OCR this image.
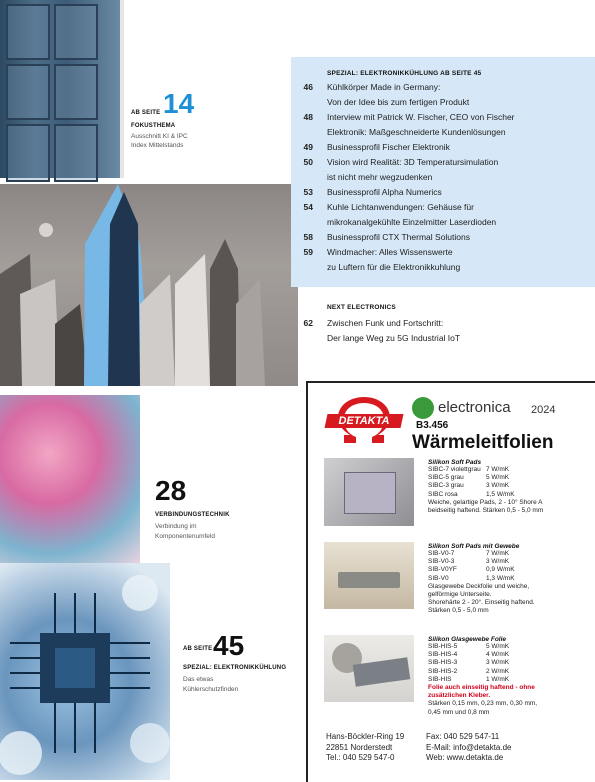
AB SEITE 14
FOKUSTHEMA
Ausschnitt KI & IPC
Index Mittelstands
28
VERBINDUNGSTECHNIK
Verbindung im
Komponentenumfeld
AB SEITE 45
SPEZIAL: ELEKTRONIKKÜHLUNG
Das etwas
Kühlerschutzfinden
SPEZIAL: ELEKTRONIKKÜHLUNG AB SEITE 45
46 Kühlkörper Made in Germany:
Von der Idee bis zum fertigen Produkt
48 Interview mit Patrick W. Fischer, CEO von Fischer
Elektronik: Maßgeschneiderte Kundenlösungen
49 Businessprofil Fischer Elektronik
50 Vision wird Realität: 3D Temperatursimulation
ist nicht mehr wegzudenken
53 Businessprofil Alpha Numerics
54 Kuhle Lichtanwendungen: Gehäuse für
mikrokanalgekühlte Einzelmitter Laserdioden
58 Businessprofil CTX Thermal Solutions
59 Windmacher: Alles Wissenswerte
zu Luftern für die Elektronikkuhlung
NEXT ELECTRONICS
62 Zwischen Funk und Fortschritt:
Der lange Weg zu 5G Industrial IoT
DETAKTA
electronica 2024
B3.456
Wärmeleitfolien
Silikon Soft Pads
SIBC-7 violettgrau 7 W/mK
SIBC-5 grau	5 W/mK
SIBC-3 grau	3 W/mK
SIBC rosa	1,5 W/mK
Weiche, gelartige Pads, 2 - 10° Shore A
beidseitig haftend. Stärken 0,5 - 5,0 mm
Silikon Soft Pads mit Gewebe
SIB-V0-7	7 W/mK
SIB-V0-3	3 W/mK
SIB-V0YF	0,9 W/mK
SIB-V0	1,3 W/mK
Glasgewebe Deckfolie und weiche,
gelförmige Unterseite.
Shorehärte 2 - 20°. Einseitig haftend.
Stärken 0,5 - 5,0 mm
Silikon Glasgewebe Folie
SIB-HIS-5	5 W/mK
SIB-HIS-4	4 W/mK
SIB-HIS-3	3 W/mK
SIB-HIS-2	2 W/mK
SIB-HIS	1 W/mK
Folie auch einseitig haftend - ohne
zusätzlichen Kleber.
Stärken 0,15 mm, 0,23 mm, 0,30 mm,
0,45 mm und 0,8 mm
Hans-Böckler-Ring 19
22851 Norderstedt
Tel.: 040 529 547-0
Fax: 040 529 547-11
E-Mail: info@detakta.de
Web: www.detakta.de
